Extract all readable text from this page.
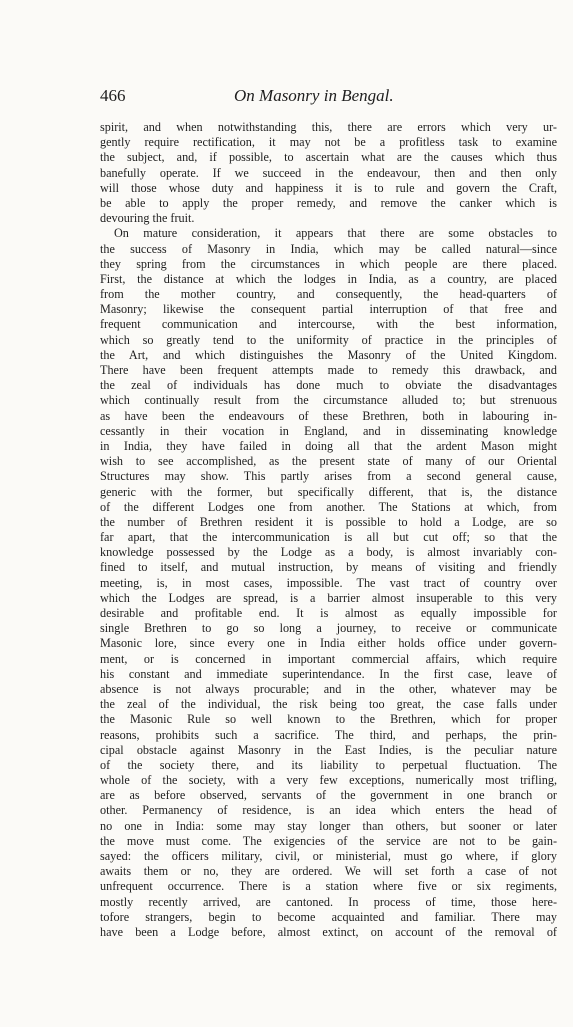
466	On Masonry in Bengal.
spirit, and when notwithstanding this, there are errors which very ur-
gently require rectification, it may not be a profitless task to examine
the subject, and, if possible, to ascertain what are the causes which thus
banefully operate. If we succeed in the endeavour, then and then only
will those whose duty and happiness it is to rule and govern the Craft,
be able to apply the proper remedy, and remove the canker which is
devouring the fruit.
On mature consideration, it appears that there are some obstacles to
the success of Masonry in India, which may be called natural—since
they spring from the circumstances in which people are there placed.
First, the distance at which the lodges in India, as a country, are placed
from the mother country, and consequently, the head-quarters of
Masonry; likewise the consequent partial interruption of that free and
frequent communication and intercourse, with the best information,
which so greatly tend to the uniformity of practice in the principles of
the Art, and which distinguishes the Masonry of the United Kingdom.
There have been frequent attempts made to remedy this drawback, and
the zeal of individuals has done much to obviate the disadvantages
which continually result from the circumstance alluded to; but strenuous
as have been the endeavours of these Brethren, both in labouring in-
cessantly in their vocation in England, and in disseminating knowledge
in India, they have failed in doing all that the ardent Mason might
wish to see accomplished, as the present state of many of our Oriental
Structures may show. This partly arises from a second general cause,
generic with the former, but specifically different, that is, the distance
of the different Lodges one from another. The Stations at which, from
the number of Brethren resident it is possible to hold a Lodge, are so
far apart, that the intercommunication is all but cut off; so that the
knowledge possessed by the Lodge as a body, is almost invariably con-
fined to itself, and mutual instruction, by means of visiting and friendly
meeting, is, in most cases, impossible. The vast tract of country over
which the Lodges are spread, is a barrier almost insuperable to this very
desirable and profitable end. It is almost as equally impossible for
single Brethren to go so long a journey, to receive or communicate
Masonic lore, since every one in India either holds office under govern-
ment, or is concerned in important commercial affairs, which require
his constant and immediate superintendance. In the first case, leave of
absence is not always procurable; and in the other, whatever may be
the zeal of the individual, the risk being too great, the case falls under
the Masonic Rule so well known to the Brethren, which for proper
reasons, prohibits such a sacrifice. The third, and perhaps, the prin-
cipal obstacle against Masonry in the East Indies, is the peculiar nature
of the society there, and its liability to perpetual fluctuation. The
whole of the society, with a very few exceptions, numerically most trifling,
are as before observed, servants of the government in one branch or
other. Permanency of residence, is an idea which enters the head of
no one in India: some may stay longer than others, but sooner or later
the move must come. The exigencies of the service are not to be gain-
sayed: the officers military, civil, or ministerial, must go where, if glory
awaits them or no, they are ordered. We will set forth a case of not
unfrequent occurrence. There is a station where five or six regiments,
mostly recently arrived, are cantoned. In process of time, those here-
tofore strangers, begin to become acquainted and familiar. There may
have been a Lodge before, almost extinct, on account of the removal of
